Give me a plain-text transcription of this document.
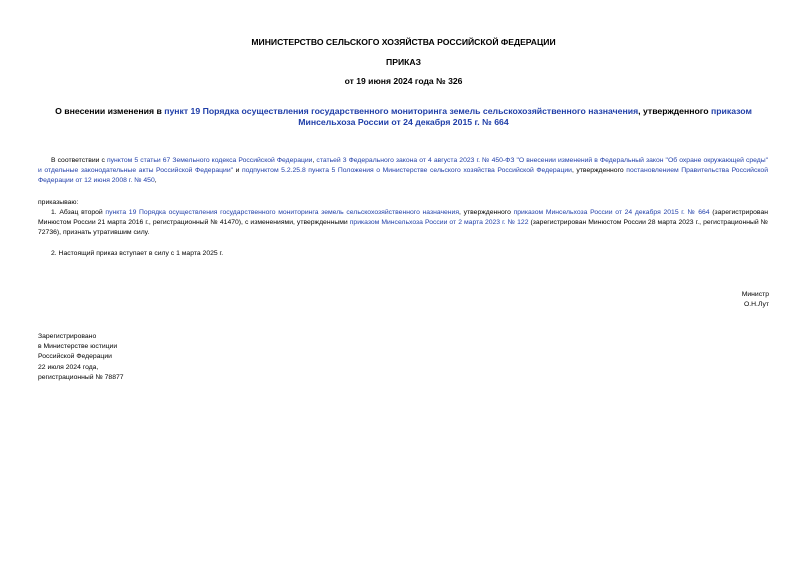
МИНИСТЕРСТВО СЕЛЬСКОГО ХОЗЯЙСТВА РОССИЙСКОЙ ФЕДЕРАЦИИ
ПРИКАЗ
от 19 июня 2024 года № 326
О внесении изменения в пункт 19 Порядка осуществления государственного мониторинга земель сельскохозяйственного назначения, утвержденного приказом Минсельхоза России от 24 декабря 2015 г. № 664
В соответствии с пунктом 5 статьи 67 Земельного кодекса Российской Федерации, статьей 3 Федерального закона от 4 августа 2023 г. № 450-ФЗ "О внесении изменений в Федеральный закон "Об охране окружающей среды" и отдельные законодательные акты Российской Федерации" и подпунктом 5.2.25.8 пункта 5 Положения о Министерстве сельского хозяйства Российской Федерации, утвержденного постановлением Правительства Российской Федерации от 12 июня 2008 г. № 450,
приказываю:
1. Абзац второй пункта 19 Порядка осуществления государственного мониторинга земель сельскохозяйственного назначения, утвержденного приказом Минсельхоза России от 24 декабря 2015 г. № 664 (зарегистрирован Минюстом России 21 марта 2016 г., регистрационный № 41470), с изменениями, утвержденными приказом Минсельхоза России от 2 марта 2023 г. № 122 (зарегистрирован Минюстом России 28 марта 2023 г., регистрационный № 72736), признать утратившим силу.
2. Настоящий приказ вступает в силу с 1 марта 2025 г.
Министр
О.Н.Лут
Зарегистрировано
в Министерстве юстиции
Российской Федерации
22 июля 2024 года,
регистрационный № 78877
